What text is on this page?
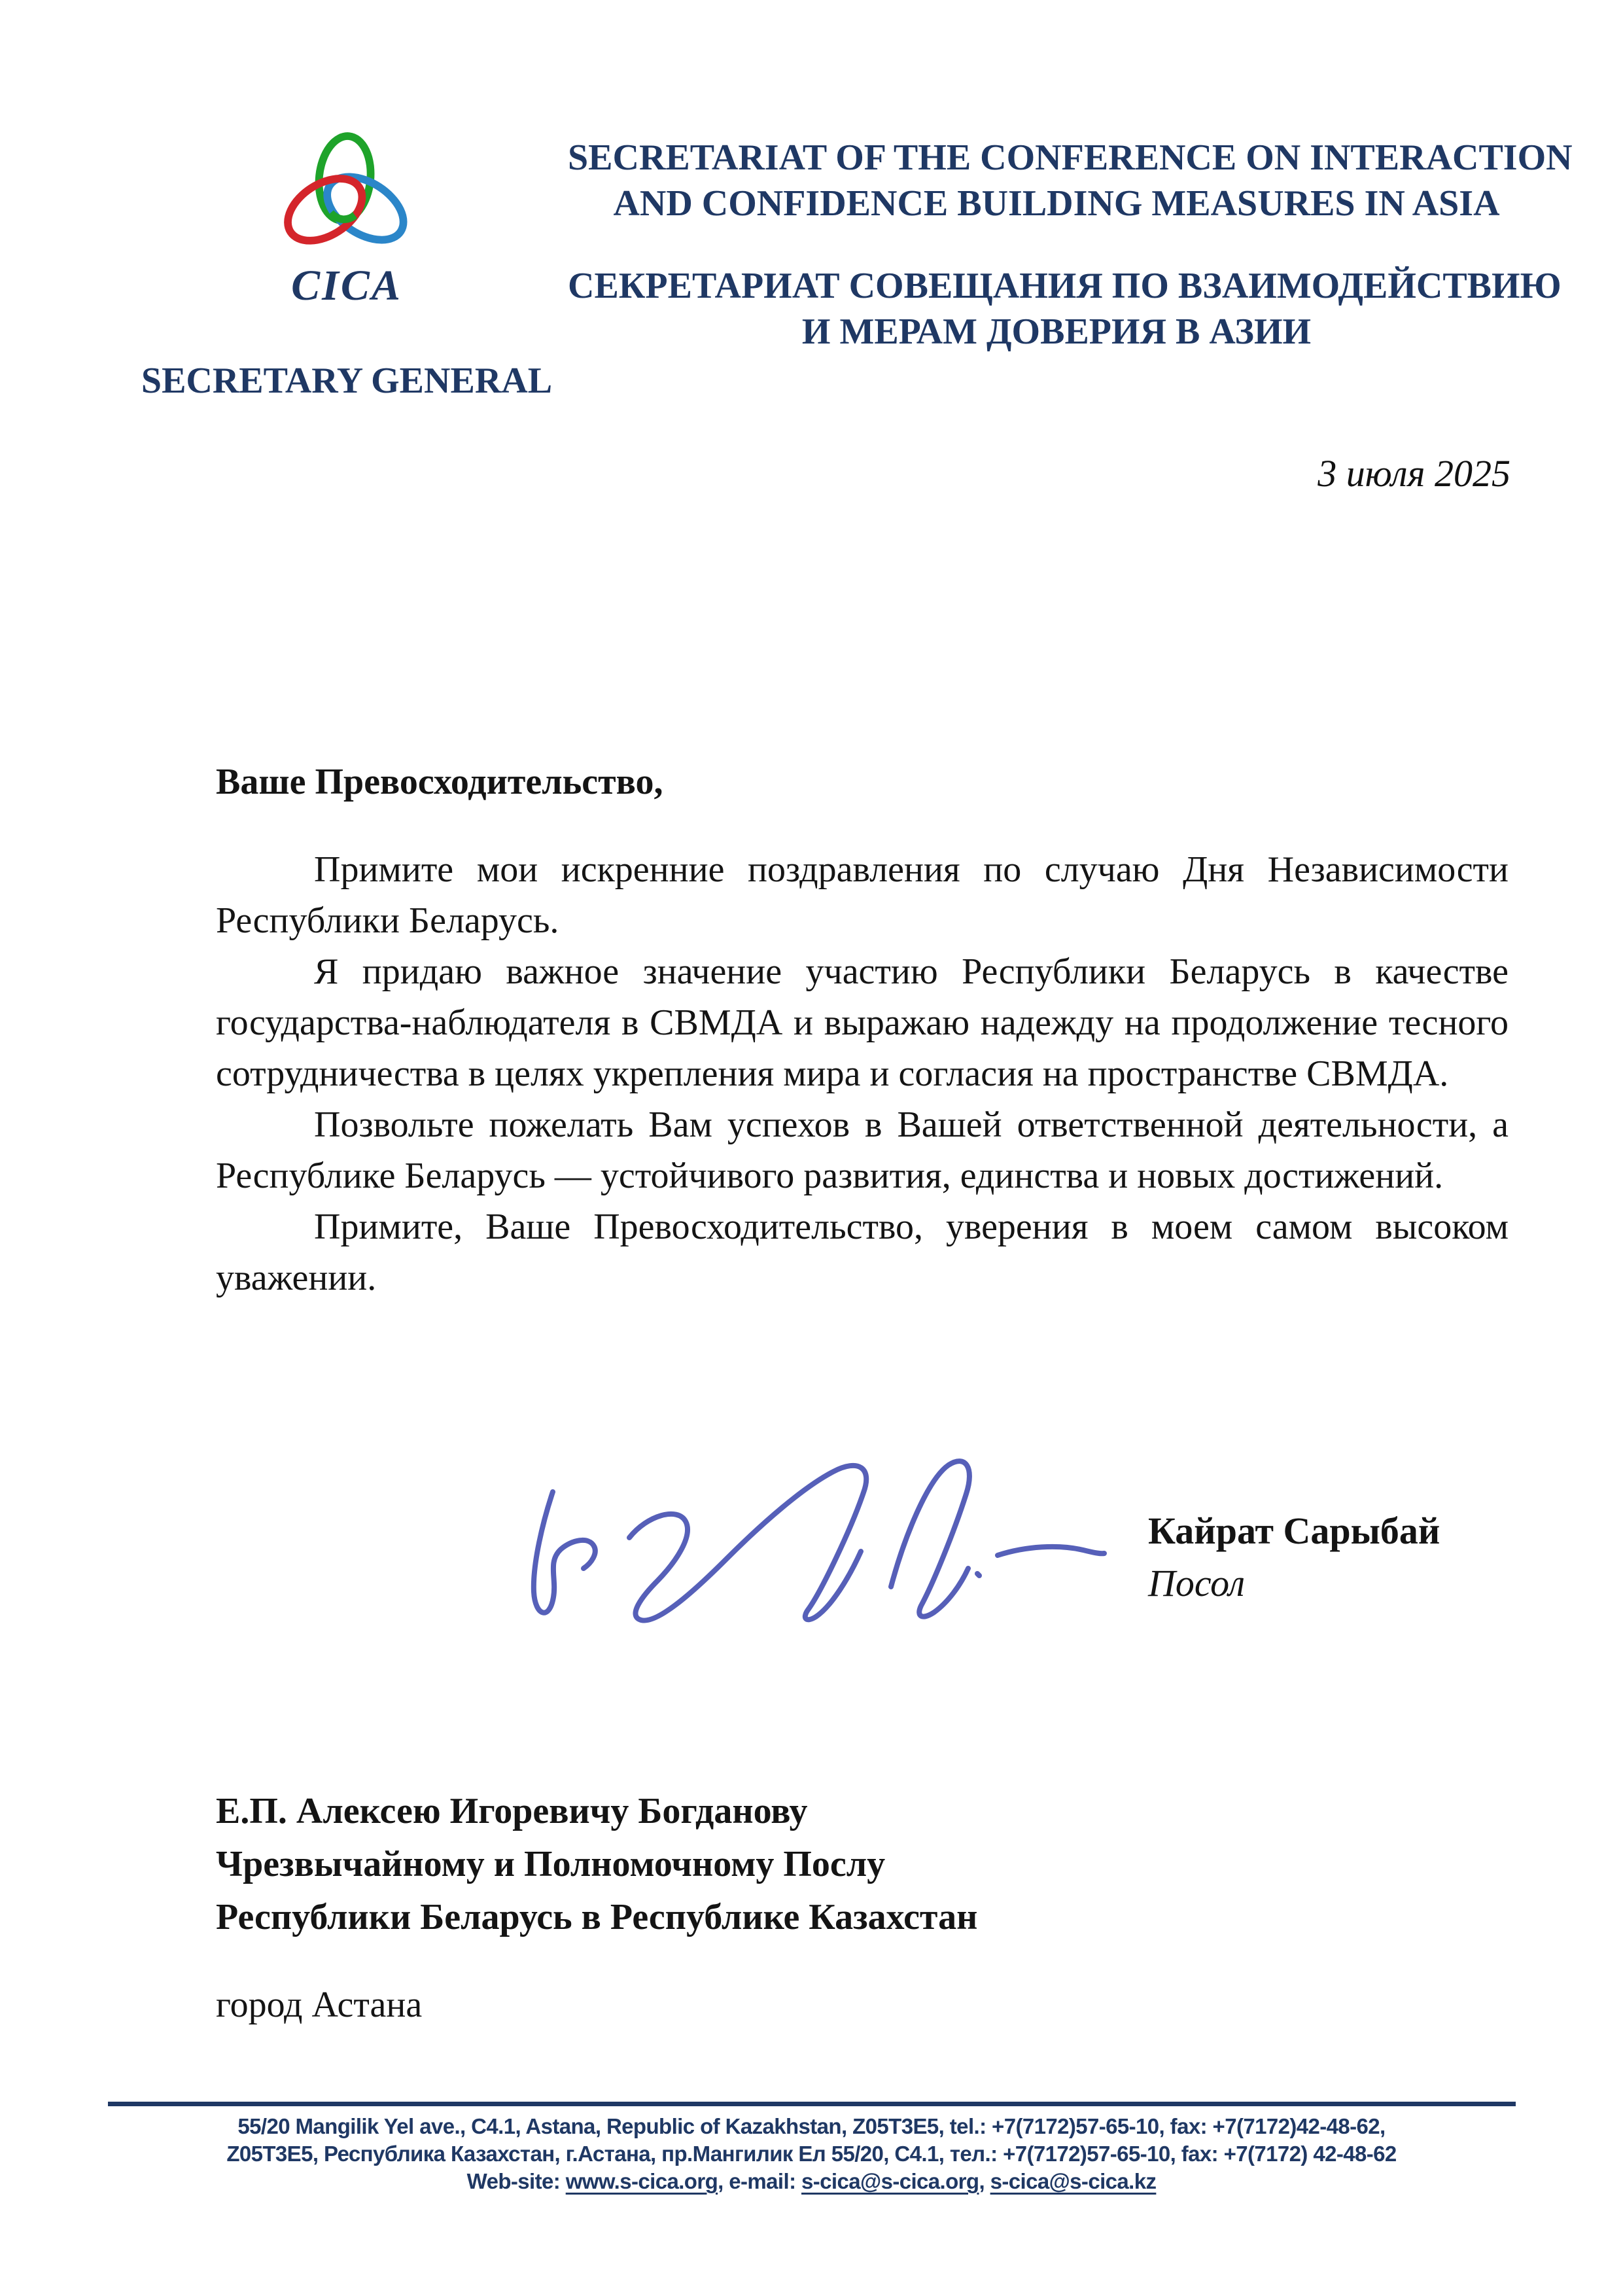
CICA
SECRETARY GENERAL
SECRETARIAT OF THE CONFERENCE ON INTERACTION
AND CONFIDENCE BUILDING MEASURES IN ASIA
СЕКРЕТАРИАТ СОВЕЩАНИЯ ПО ВЗАИМОДЕЙСТВИЮ
И МЕРАМ ДОВЕРИЯ В АЗИИ
3 июля 2025
Ваше Превосходительство,

Примите мои искренние поздравления по случаю Дня Независимости Республики Беларусь.

Я придаю важное значение участию Республики Беларусь в качестве государства-наблюдателя в СВМДА и выражаю надежду на продолжение тесного сотрудничества в целях укрепления мира и согласия на пространстве СВМДА.

Позвольте пожелать Вам успехов в Вашей ответственной деятельности, а Республике Беларусь — устойчивого развития, единства и новых достижений.

Примите, Ваше Превосходительство, уверения в моем самом высоком уважении.

Кайрат Сарыбай
Посол
Е.П. Алексею Игоревичу Богданову
Чрезвычайному и Полномочному Послу
Республики Беларусь в Республике Казахстан
город Астана
55/20 Mangilik Yel ave., C4.1, Astana, Republic of Kazakhstan, Z05T3E5, tel.: +7(7172)57-65-10, fax: +7(7172)42-48-62,
Z05T3E5, Республика Казахстан, г.Астана, пр.Мангилик Ел 55/20, C4.1, тел.: +7(7172)57-65-10, fax: +7(7172) 42-48-62
Web-site: www.s-cica.org, e-mail: s-cica@s-cica.org, s-cica@s-cica.kz
